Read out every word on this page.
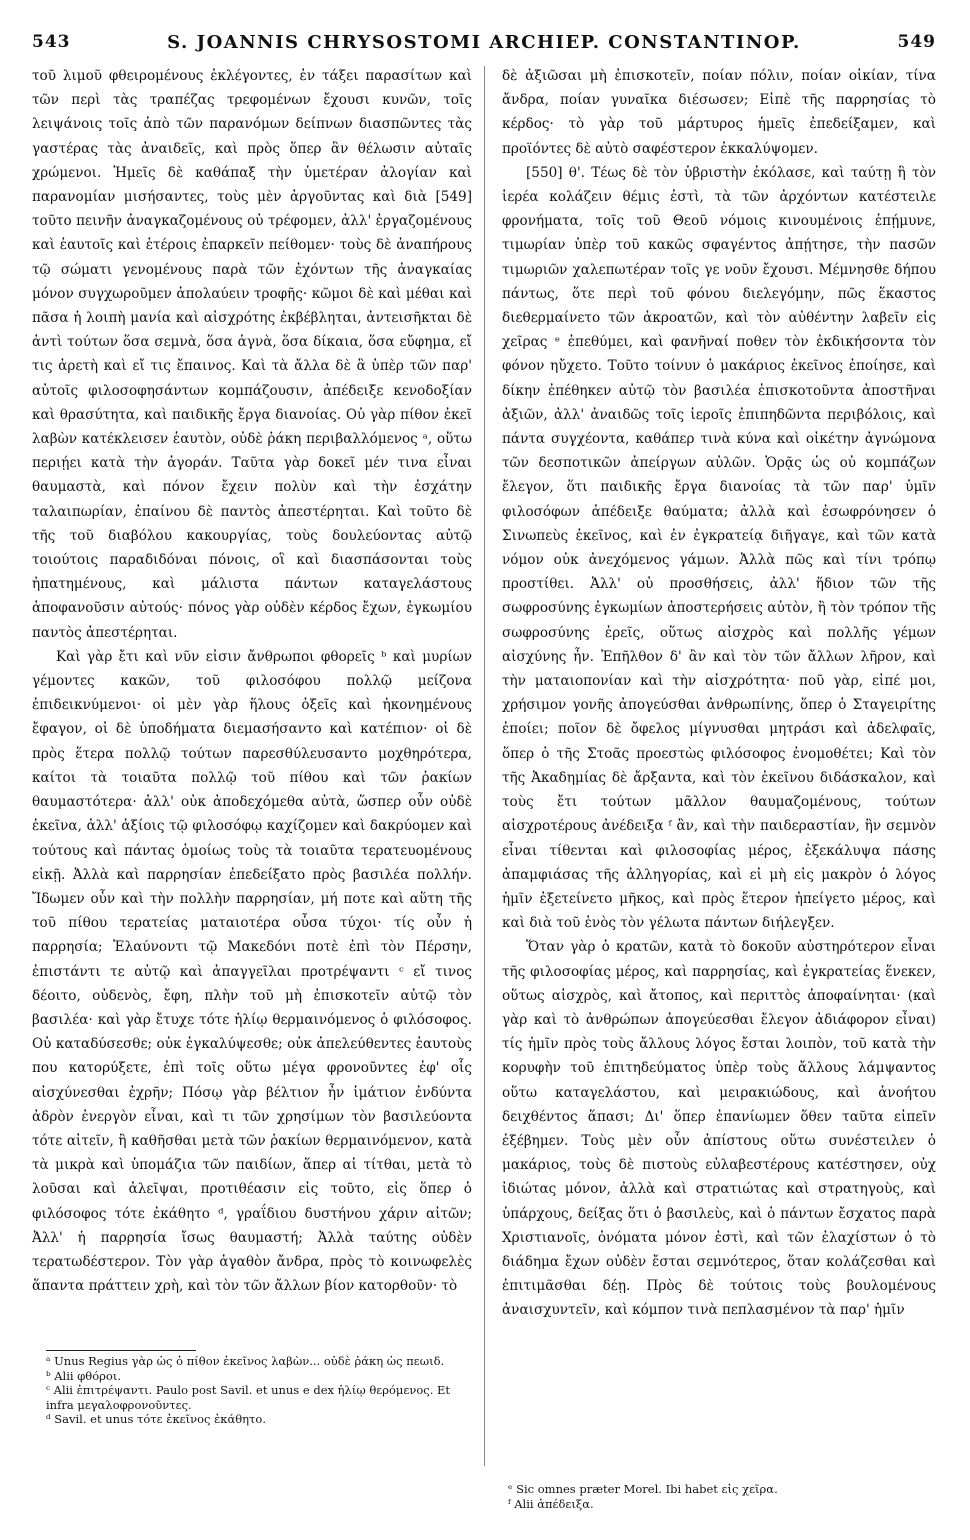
543	S. JOANNIS CHRYSOSTOMI ARCHIEP. CONSTANTINOP.	549

τοῦ λιμοῦ φθειρομένους ἐκλέγοντες, ἐν τάξει παρασίτων καὶ τῶν περὶ τὰς τραπέζας τρεφομένων ἔχουσι κυνῶν, τοῖς λειψάνοις τοῖς ἀπὸ τῶν παρανόμων δείπνων διασπῶντες τὰς γαστέρας τὰς ἀναιδεῖς, καὶ πρὸς ὅπερ ἂν θέλωσιν αὐταῖς χρώμενοι. Ἡμεῖς δὲ καθάπαξ τὴν ὑμετέραν ἀλογίαν καὶ παρανομίαν μισήσαντες, τοὺς μὲν ἀργοῦντας καὶ διὰ [549] τοῦτο πεινῆν ἀναγκαζομένους οὐ τρέφομεν, ἀλλ' ἐργαζομένους καὶ ἑαυτοῖς καὶ ἑτέροις ἐπαρκεῖν πείθομεν· τοὺς δὲ ἀναπήρους τῷ σώματι γενομένους παρὰ τῶν ἐχόντων τῆς ἀναγκαίας μόνον συγχωροῦμεν ἀπολαύειν τροφῆς· κῶμοι δὲ καὶ μέθαι καὶ πᾶσα ἡ λοιπὴ μανία καὶ αἰσχρότης ἐκβέβληται, ἀντεισῆκται δὲ ἀντὶ τούτων ὅσα σεμνὰ, ὅσα ἁγνὰ, ὅσα δίκαια, ὅσα εὔφημα, εἴ τις ἀρετὴ καὶ εἴ τις ἔπαινος. Καὶ τὰ ἄλλα δὲ ἃ ὑπὲρ τῶν παρ' αὐτοῖς φιλοσοφησάντων κομπάζουσιν, ἀπέδειξε κενοδοξίαν καὶ θρασύτητα, καὶ παιδικῆς ἔργα διανοίας. Οὐ γὰρ πίθον ἐκεῖ λαβὼν κατέκλεισεν ἑαυτὸν, οὐδὲ ῥάκη περιβαλλόμενος ᵃ, οὕτω περιῄει κατὰ τὴν ἀγοράν. Ταῦτα γὰρ δοκεῖ μέν τινα εἶναι θαυμαστὰ, καὶ πόνον ἔχειν πολὺν καὶ τὴν ἐσχάτην ταλαιπωρίαν, ἐπαίνου δὲ παντὸς ἀπεστέρηται. Καὶ τοῦτο δὲ τῆς τοῦ διαβόλου κακουργίας, τοὺς δουλεύοντας αὐτῷ τοιούτοις παραδιδόναι πόνοις, οἳ καὶ διασπάσονται τοὺς ἠπατημένους, καὶ μάλιστα πάντων καταγελάστους ἀποφανοῦσιν αὐτούς· πόνος γὰρ οὐδὲν κέρδος ἔχων, ἐγκωμίου παντὸς ἀπεστέρηται.

Καὶ γὰρ ἔτι καὶ νῦν εἰσιν ἄνθρωποι φθορεῖς ᵇ καὶ μυρίων γέμοντες κακῶν, τοῦ φιλοσόφου πολλῷ μείζονα ἐπιδεικνύμενοι· οἱ μὲν γὰρ ἥλους ὀξεῖς καὶ ἠκονημένους ἔφαγον, οἱ δὲ ὑποδήματα διεμασήσαντο καὶ κατέπιον· οἱ δὲ πρὸς ἕτερα πολλῷ τούτων παρεσθύλευσαντο μοχθηρότερα, καίτοι τὰ τοιαῦτα πολλῷ τοῦ πίθου καὶ τῶν ῥακίων θαυμαστότερα· ἀλλ' οὐκ ἀποδεχόμεθα αὐτὰ, ὥσπερ οὖν οὐδὲ ἐκεῖνα, ἀλλ' ἀξίοις τῷ φιλοσόφῳ καχίζομεν καὶ δακρύομεν καὶ τούτους καὶ πάντας ὁμοίως τοὺς τὰ τοιαῦτα τερατευομένους εἰκῇ. Ἀλλὰ καὶ παρρησίαν ἐπεδείξατο πρὸς βασιλέα πολλήν. Ἴδωμεν οὖν καὶ τὴν πολλὴν παρρησίαν, μή ποτε καὶ αὕτη τῆς τοῦ πίθου τερατείας ματαιοτέρα οὖσα τύχοι· τίς οὖν ἡ παρρησία; Ἐλαύνοντι τῷ Μακεδόνι ποτὲ ἐπὶ τὸν Πέρσην, ἐπιστάντι τε αὐτῷ καὶ ἀπαγγεῖλαι προτρέψαντι ᶜ εἴ τινος δέοιτο, οὐδενὸς, ἔφη, πλὴν τοῦ μὴ ἐπισκοτεῖν αὐτῷ τὸν βασιλέα· καὶ γὰρ ἔτυχε τότε ἡλίῳ θερμαινόμενος ὁ φιλόσοφος. Οὐ καταδύσεσθε; οὐκ ἐγκαλύψεσθε; οὐκ ἀπελεύθεντες ἑαυτοὺς που κατορύξετε, ἐπὶ τοῖς οὕτω μέγα φρονοῦντες ἐφ' οἷς αἰσχύνεσθαι ἐχρῆν; Πόσῳ γὰρ βέλτιον ἦν ἱμάτιον ἐνδύντα ἀδρὸν ἐνεργὸν εἶναι, καὶ τι τῶν χρησίμων τὸν βασιλεύοντα τότε αἰτεῖν, ἢ καθῆσθαι μετὰ τῶν ῥακίων θερμαινόμενον, κατὰ τὰ μικρὰ καὶ ὑπομάζια τῶν παιδίων, ἅπερ αἱ τίτθαι, μετὰ τὸ λοῦσαι καὶ ἀλεῖψαι, προτιθέασιν εἰς τοῦτο, εἰς ὅπερ ὁ φιλόσοφος τότε ἐκάθητο ᵈ, γραΐδιου δυστήνου χάριν αἰτῶν; Ἀλλ' ἡ παρρησία ἴσως θαυμαστή; Ἀλλὰ ταύτης οὐδὲν τερατωδέστερον. Τὸν γὰρ ἀγαθὸν ἄνδρα, πρὸς τὸ κοινωφελὲς ἅπαντα πράττειν χρὴ, καὶ τὸν τῶν ἄλλων βίον κατορθοῦν· τὸ

ᵃ Unus Regius γὰρ ὡς ὁ πίθον ἐκεῖνος λαβὼν... οὐδὲ ῥάκη ὡς πεωιδ.
ᵇ Alii φθόροι.
ᶜ Alii ἐπιτρέψαντι. Paulo post Savil. et unus e dex ἡλίῳ θερόμενος. Et infra μεγαλοφρονοῦντες.
ᵈ Savil. et unus τότε ἐκεῖνος ἐκάθητο.

δὲ ἀξιῶσαι μὴ ἐπισκοτεῖν, ποίαν πόλιν, ποίαν οἰκίαν, τίνα ἄνδρα, ποίαν γυναῖκα διέσωσεν; Εἰπὲ τῆς παρρησίας τὸ κέρδος· τὸ γὰρ τοῦ μάρτυρος ἡμεῖς ἐπεδείξαμεν, καὶ προϊόντες δὲ αὐτὸ σαφέστερον ἐκκαλύψομεν.

[550] θ'. Τέως δὲ τὸν ὑβριστὴν ἐκόλασε, καὶ ταύτῃ ἣ τὸν ἱερέα κολάζειν θέμις ἐστὶ, τὰ τῶν ἀρχόντων κατέστειλε φρονήματα, τοῖς τοῦ Θεοῦ νόμοις κινουμένοις ἐπῄμυνε, τιμωρίαν ὑπὲρ τοῦ κακῶς σφαγέντος ἀπῄτησε, τὴν πασῶν τιμωριῶν χαλεπωτέραν τοῖς γε νοῦν ἔχουσι. Μέμνησθε δήπου πάντως, ὅτε περὶ τοῦ φόνου διελεγόμην, πῶς ἕκαστος διεθερμαίνετο τῶν ἀκροατῶν, καὶ τὸν αὐθέντην λαβεῖν εἰς χεῖρας ᵉ ἐπεθύμει, καὶ φανῆναί ποθεν τὸν ἐκδικήσοντα τὸν φόνον ηὔχετο. Τοῦτο τοίνυν ὁ μακάριος ἐκεῖνος ἐποίησε, καὶ δίκην ἐπέθηκεν αὐτῷ τὸν βασιλέα ἐπισκοτοῦντα ἀποστῆναι ἀξιῶν, ἀλλ' ἀναιδῶς τοῖς ἱεροῖς ἐπιπηδῶντα περιβόλοις, καὶ πάντα συγχέοντα, καθάπερ τινὰ κύνα καὶ οἰκέτην ἀγνώμονα τῶν δεσποτικῶν ἀπείργων αὐλῶν. Ὁρᾷς ὡς οὐ κομπάζων ἔλεγον, ὅτι παιδικῆς ἔργα διανοίας τὰ τῶν παρ' ὑμῖν φιλοσόφων ἀπέδειξε θαύματα; ἀλλὰ καὶ ἐσωφρόνησεν ὁ Σινωπεὺς ἐκεῖνος, καὶ ἐν ἐγκρατείᾳ διῆγαγε, καὶ τῶν κατὰ νόμον οὐκ ἀνεχόμενος γάμων. Ἀλλὰ πῶς καὶ τίνι τρόπῳ προστίθει. Ἀλλ' οὐ προσθήσεις, ἀλλ' ἥδιον τῶν τῆς σωφροσύνης ἐγκωμίων ἀποστερήσεις αὐτὸν, ἢ τὸν τρόπον τῆς σωφροσύνης ἐρεῖς, οὕτως αἰσχρὸς καὶ πολλῆς γέμων αἰσχύνης ἦν. Ἐπῆλθον δ' ἂν καὶ τὸν τῶν ἄλλων λῆρον, καὶ τὴν ματαιοπονίαν καὶ τὴν αἰσχρότητα· ποῦ γὰρ, εἰπέ μοι, χρήσιμον γονῆς ἀπογεύσθαι ἀνθρωπίνης, ὅπερ ὁ Σταγειρίτης ἐποίει; ποῖον δὲ ὄφελος μίγνυσθαι μητράσι καὶ ἀδελφαῖς, ὅπερ ὁ τῆς Στοᾶς προεστὼς φιλόσοφος ἐνομοθέτει; Καὶ τὸν τῆς Ἀκαδημίας δὲ ἄρξαντα, καὶ τὸν ἐκεῖνου διδάσκαλον, καὶ τοὺς ἔτι τούτων μᾶλλον θαυμαζομένους, τούτων αἰσχροτέρους ἀνέδειξα ᶠ ἂν, καὶ τὴν παιδεραστίαν, ἣν σεμνὸν εἶναι τίθενται καὶ φιλοσοφίας μέρος, ἐξεκάλυψα πάσης ἀπαμφιάσας τῆς ἀλληγορίας, καὶ εἰ μὴ εἰς μακρὸν ὁ λόγος ἡμῖν ἐξετείνετο μῆκος, καὶ πρὸς ἕτερον ἠπείγετο μέρος, καὶ καὶ διὰ τοῦ ἑνὸς τὸν γέλωτα πάντων διήλεγξεν.

Ὅταν γὰρ ὁ κρατῶν, κατὰ τὸ δοκοῦν αὐστηρότερον εἶναι τῆς φιλοσοφίας μέρος, καὶ παρρησίας, καὶ ἐγκρατείας ἕνεκεν, οὕτως αἰσχρὸς, καὶ ἄτοπος, καὶ περιττὸς ἀποφαίνηται· (καὶ γὰρ καὶ τὸ ἀνθρώπων ἀπογεύεσθαι ἔλεγον ἀδιάφορον εἶναι) τίς ἡμῖν πρὸς τοὺς ἄλλους λόγος ἔσται λοιπὸν, τοῦ κατὰ τὴν κορυφὴν τοῦ ἐπιτηδεύματος ὑπὲρ τοὺς ἄλλους λάμψαντος οὕτω καταγελάστου, καὶ μειρακιώδους, καὶ ἀνοήτου δειχθέντος ἅπασι; Δι' ὅπερ ἐπανίωμεν ὅθεν ταῦτα εἰπεῖν ἐξέβημεν. Τοὺς μὲν οὖν ἀπίστους οὕτω συνέστειλεν ὁ μακάριος, τοὺς δὲ πιστοὺς εὐλαβεστέρους κατέστησεν, οὐχ ἰδιώτας μόνον, ἀλλὰ καὶ στρατιώτας καὶ στρατηγοὺς, καὶ ὑπάρχους, δείξας ὅτι ὁ βασιλεὺς, καὶ ὁ πάντων ἔσχατος παρὰ Χριστιανοῖς, ὀνόματα μόνον ἐστὶ, καὶ τῶν ἐλαχίστων ὁ τὸ διάδημα ἔχων οὐδὲν ἔσται σεμνότερος, ὅταν κολάζεσθαι καὶ ἐπιτιμᾶσθαι δέῃ. Πρὸς δὲ τούτοις τοὺς βουλομένους ἀναισχυντεῖν, καὶ κόμπον τινὰ πεπλασμένον τὰ παρ' ἡμῖν

ᵉ Sic omnes præter Morel. Ibi habet εἰς χεῖρα.
ᶠ Alii ἀπέδειξα.
